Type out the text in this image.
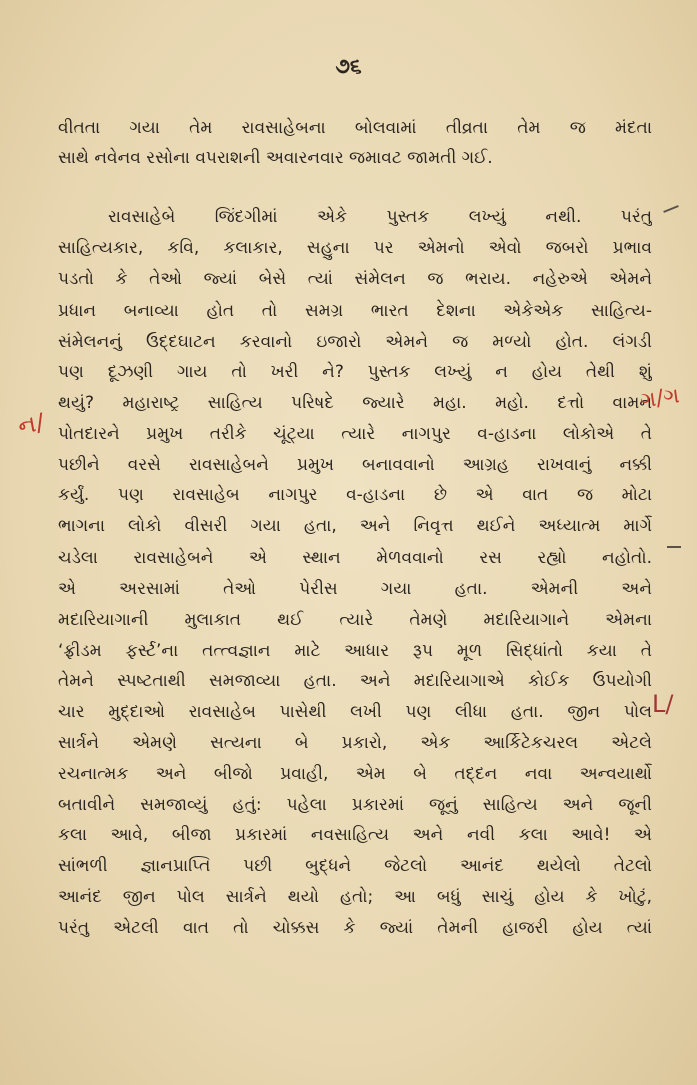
૭૬
વીતતા ગયા તેમ રાવસાહેબના બોલવામાં તીવ્રતા તેમ જ મંદતા
સાથે નવેનવ રસોના વપરાશની અવારનવાર જમાવટ જામતી ગઈ.
રાવસાહેબે જિંદગીમાં એકે પુસ્તક લખ્યું નથી. પરંતુ
સાહિત્યકાર, કવિ, કલાકાર, સહુના પર એમનો એવો જબરો પ્રભાવ
પડતો કે તેઓ જ્યાં બેસે ત્યાં સંમેલન જ ભરાય. નહેરુએ એમને
પ્રધાન બનાવ્યા હોત તો સમગ્ર ભારત દેશના એકેએક સાહિત્ય-
સંમેલનનું ઉદ્દઘાટન કરવાનો ઇજારો એમને જ મળ્યો હોત. લંગડી
પણ દૂઝણી ગાય તો ખરી ને? પુસ્તક લખ્યું ન હોય તેથી શું
થયું? મહારાષ્ટ્ર સાહિત્ય પરિષદે જ્યારે મહા. મહો. દત્તો વામન
પોતદારને પ્રમુખ તરીકે ચૂંટ્યા ત્યારે નાગપુર વ-હાડના લોકોએ તે
પછીને વરસે રાવસાહેબને પ્રમુખ બનાવવાનો આગ્રહ રાખવાનું નક્કી
કર્યું. પણ રાવસાહેબ નાગપુર વ-હાડના છે એ વાત જ મોટા
ભાગના લોકો વીસરી ગયા હતા, અને નિવૃત્ત થઈને અધ્યાત્મ માર્ગે
ચડેલા રાવસાહેબને એ સ્થાન મેળવવાનો રસ રહ્યો નહોતો.
એ અરસામાં તેઓ પેરીસ ગયા હતા. એમની અને
મદારિયાગાની મુલાકાત થઈ ત્યારે તેમણે મદારિયાગાને એમના
‘ફ્રીડમ ફર્સ્ટ’ના તત્ત્વજ્ઞાન માટે આધાર રૂપ મૂળ સિદ્ધાંતો કયા તે
તેમને સ્પષ્ટતાથી સમજાવ્યા હતા. અને મદારિયાગાએ કોઈક ઉપયોગી
ચાર મુદ્દાઓ રાવસાહેબ પાસેથી લખી પણ લીધા હતા. જીન પોલ
સાર્ત્રને એમણે સત્યના બે પ્રકારો, એક આર્કિટેકચરલ એટલે
રચનાત્મક અને બીજો પ્રવાહી, એમ બે તદ્દન નવા અન્વયાર્થો
બતાવીને સમજાવ્યું હતું: પહેલા પ્રકારમાં જૂનું સાહિત્ય અને જૂની
કલા આવે, બીજા પ્રકારમાં નવસાહિત્ય અને નવી કલા આવે! એ
સાંભળી જ્ઞાનપ્રાપ્તિ પછી બુદ્ધને જેટલો આનંદ થયેલો તેટલો
આનંદ જીન પોલ સાર્ત્રને થયો હતો; આ બધું સાચું હોય કે ખોટું,
પરંતુ એટલી વાત તો ચોક્કસ કે જ્યાં તેમની હાજરી હોય ત્યાં
ગ/ગ
ન/
L/
